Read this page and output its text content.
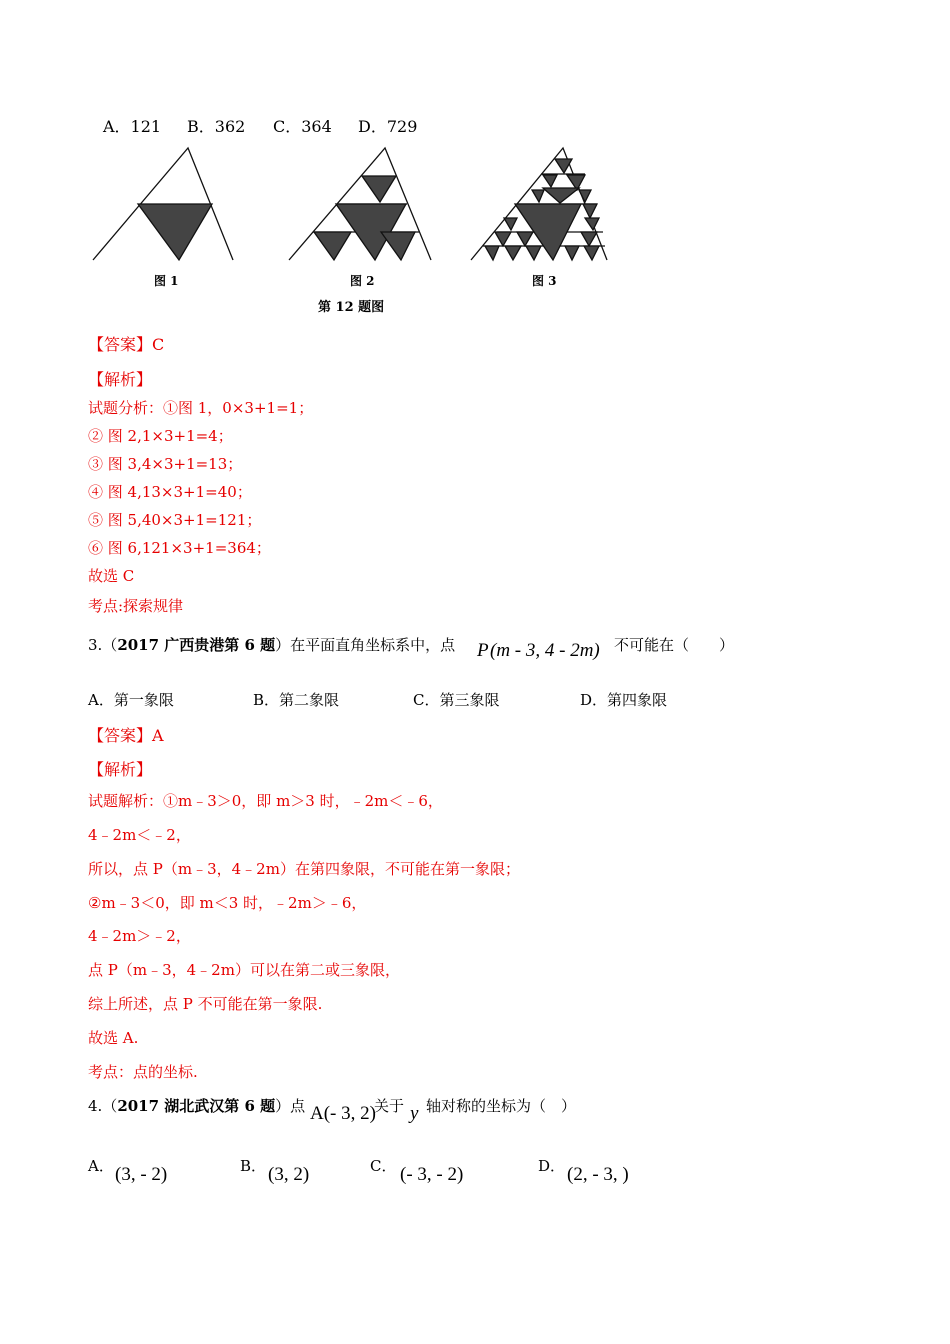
A．121 B．362 C．364 D．729
图 1	图 2	图 3
第 12 题图
【答案】C
【解析】
试题分析：①图 1，0×3+1=1；
② 图 2,1×3+1=4；
③ 图 3,4×3+1=13；
④ 图 4,13×3+1=40；
⑤ 图 5,40×3+1=121；
⑥ 图 6,121×3+1=364；
故选 C
考点:探索规律
3.（2017 广西贵港第 6 题）在平面直角坐标系中，点 P (m - 3, 4 - 2m) 不可能在（　　）
A．第一象限	B．第二象限	C．第三象限	D．第四象限
【答案】A
【解析】
试题解析：①m﹣3＞0，即 m＞3 时，﹣2m＜﹣6，
4﹣2m＜﹣2，
所以，点 P（m﹣3，4﹣2m）在第四象限，不可能在第一象限；
②m﹣3＜0，即 m＜3 时，﹣2m＞﹣6，
4﹣2m＞﹣2，
点 P（m﹣3，4﹣2m）可以在第二或三象限，
综上所述，点 P 不可能在第一象限.
故选 A.
考点：点的坐标.
4.（2017 湖北武汉第 6 题）点 A(- 3, 2)
关于 y 轴对称的坐标为（　）
A． (3, - 2)	B． (3, 2)	C． (- 3, - 2)	D． (2, - 3, )
